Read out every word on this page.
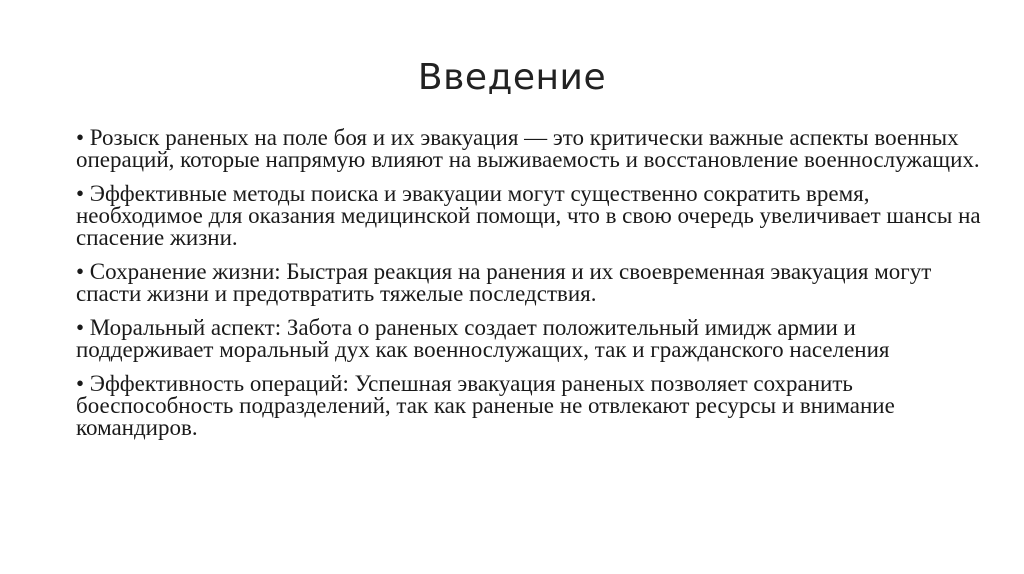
Введение

• Розыск раненых на поле боя и их эвакуация — это критически важные аспекты военных операций, которые напрямую влияют на выживаемость и восстановление военнослужащих.

• Эффективные методы поиска и эвакуации могут существенно сократить время, необходимое для оказания медицинской помощи, что в свою очередь увеличивает шансы на спасение жизни.

• Сохранение жизни: Быстрая реакция на ранения и их своевременная эвакуация могут спасти жизни и предотвратить тяжелые последствия.

• Моральный аспект: Забота о раненых создает положительный имидж армии и поддерживает моральный дух как военнослужащих, так и гражданского населения

• Эффективность операций: Успешная эвакуация раненых позволяет сохранить боеспособность подразделений, так как раненые не отвлекают ресурсы и внимание командиров.
